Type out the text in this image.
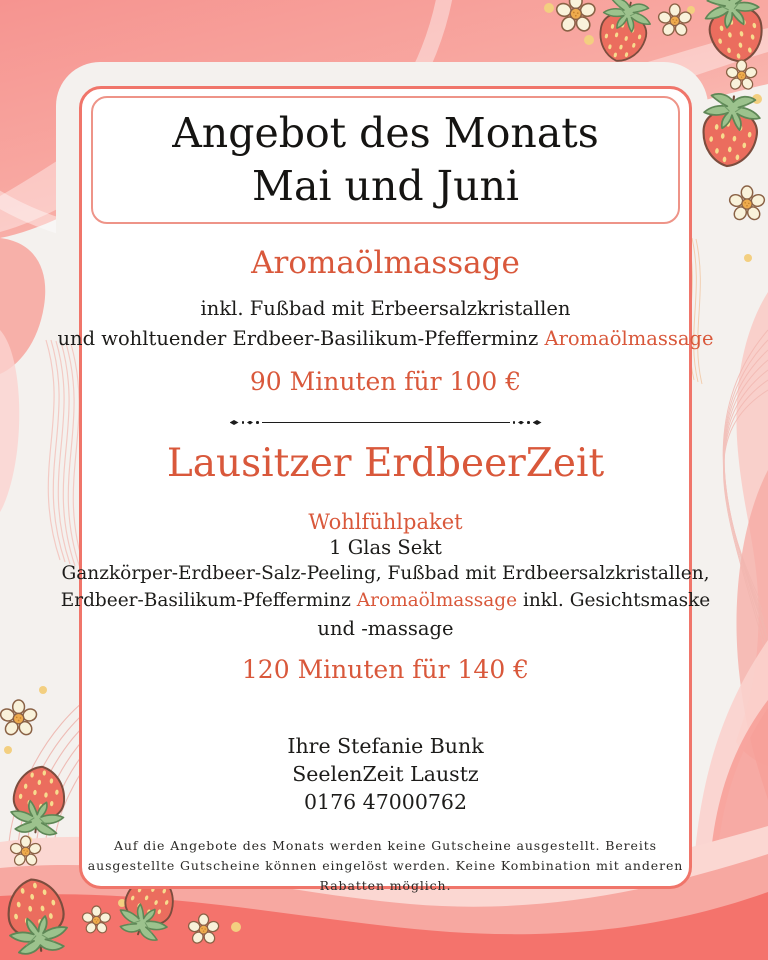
Angebot des Monats
Mai und Juni
Aromaölmassage

inkl. Fußbad mit Erbeersalzkristallen

und wohltuender Erdbeer-Basilikum-Pfefferminz Aromaölmassage

90 Minuten für 100 €

Lausitzer ErdbeerZeit

Wohlfühlpaket

1 Glas Sekt

Ganzkörper-Erdbeer-Salz-Peeling, Fußbad mit Erdbeersalzkristallen,

Erdbeer-Basilikum-Pfefferminz Aromaölmassage inkl. Gesichtsmaske

und -massage

120 Minuten für 140 €

Ihre Stefanie Bunk

SeelenZeit Laustz

0176 47000762

Auf die Angebote des Monats werden keine Gutscheine ausgestellt. Bereits ausgestellte Gutscheine können eingelöst werden. Keine Kombination mit anderen Rabatten möglich.
